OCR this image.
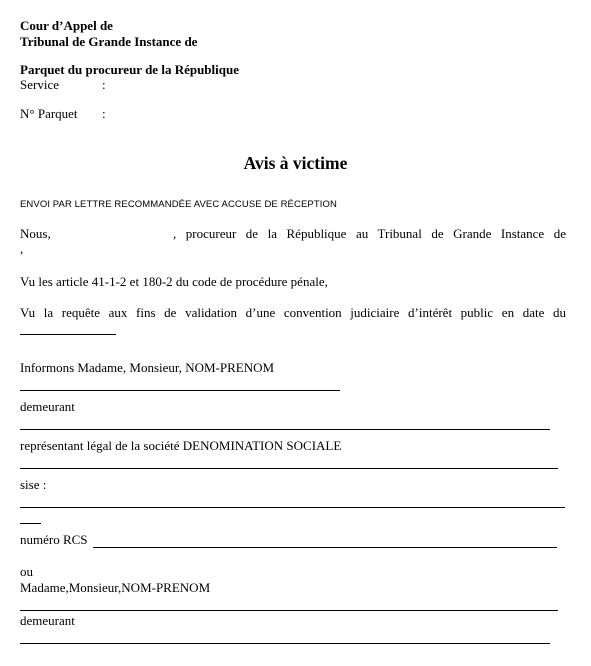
Cour d’Appel de
Tribunal de Grande Instance de
Parquet du procureur de la République
Service	:
N° Parquet :
Avis à victime
ENVOI PAR LETTRE RECOMMANDÉE AVEC ACCUSE DE RÉCEPTION
Nous,	, procureur de la République au Tribunal de Grande Instance de
,
Vu les article 41-1-2 et 180-2 du code de procédure pénale,
Vu la requête aux fins de validation d’une convention judiciaire d’intérêt public en date du
Informons Madame, Monsieur, NOM-PRENOM
demeurant
représentant légal de la société DENOMINATION SOCIALE
sise :
numéro RCS
ou
Madame,Monsieur,NOM-PRENOM
demeurant
